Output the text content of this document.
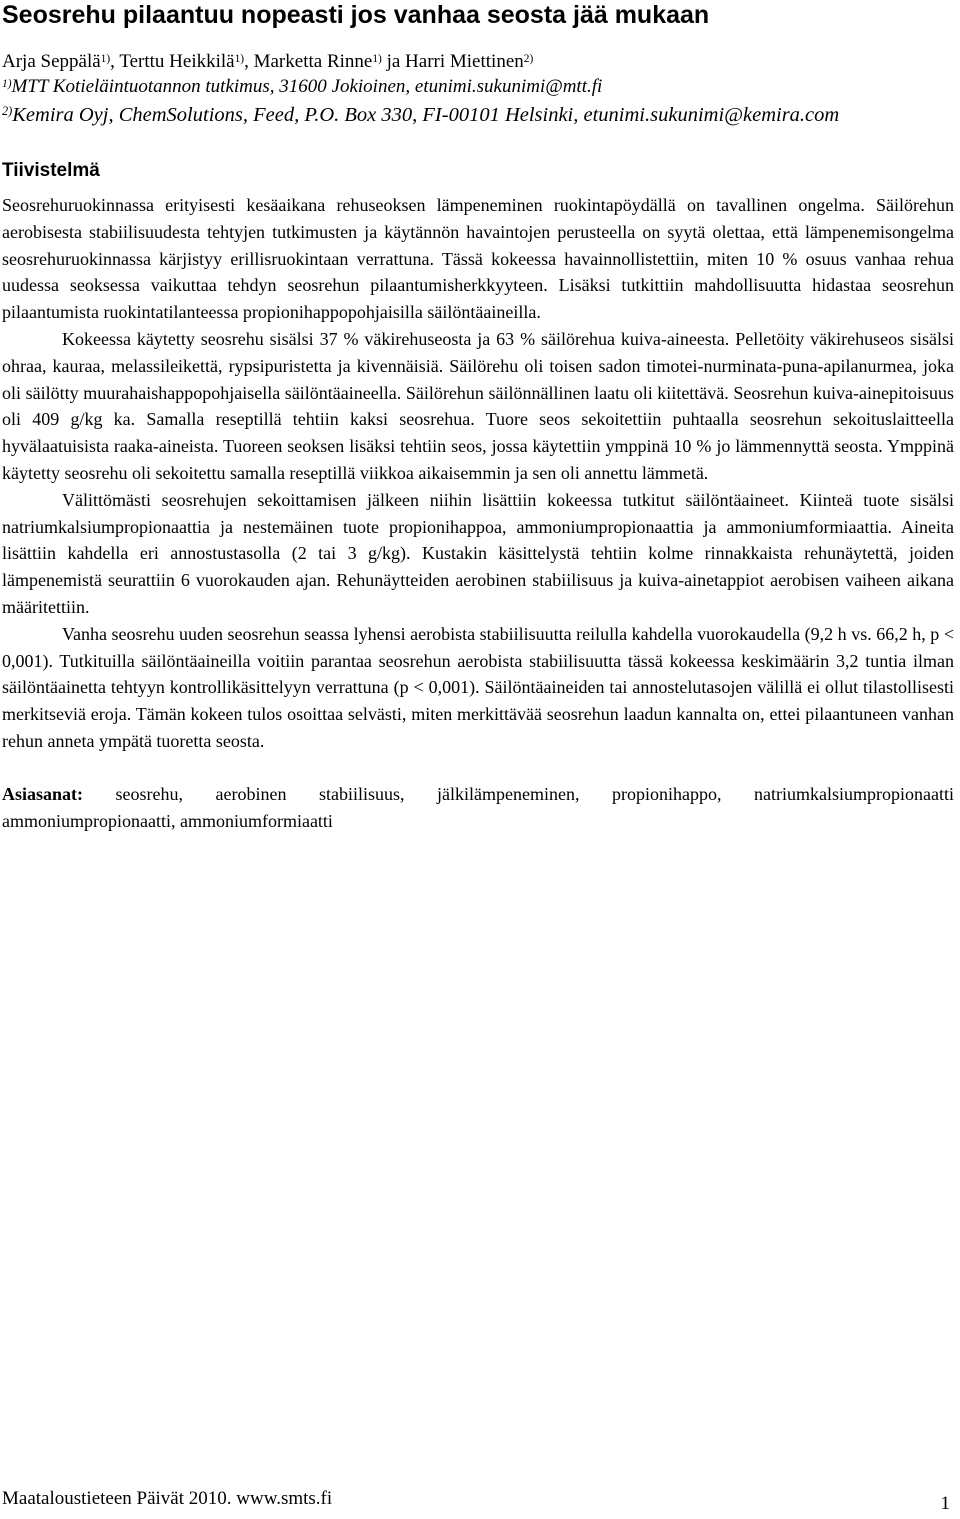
Seosrehu pilaantuu nopeasti jos vanhaa seosta jää mukaan
Arja Seppälä$^{1)}$, Terttu Heikkilä$^{1)}$, Marketta Rinne$^{1)}$ ja Harri Miettinen$^{2)}$
$^{1)}$MTT Kotieläintuotannon tutkimus, 31600 Jokioinen, etunimi.sukunimi@mtt.fi
$^{2)}$Kemira Oyj, ChemSolutions, Feed, P.O. Box 330, FI-00101 Helsinki, etunimi.sukunimi@kemira.com
Tiivistelmä

Seosrehuruokinnassa erityisesti kesäaikana rehuseoksen lämpeneminen ruokintapöydällä on tavallinen ongelma. Säilörehun aerobisesta stabiilisuudesta tehtyjen tutkimusten ja käytännön havaintojen perusteella on syytä olettaa, että lämpenemisongelma seosrehuruokinnassa kärjistyy erillisruokintaan verrattuna. Tässä kokeessa havainnollistettiin, miten 10 % osuus vanhaa rehua uudessa seoksessa vaikuttaa tehdyn seosrehun pilaantumisherkkyyteen. Lisäksi tutkittiin mahdollisuutta hidastaa seosrehun pilaantumista ruokintatilanteessa propionihappopohjaisilla säilöntäaineilla.

Kokeessa käytetty seosrehu sisälsi 37 % väkirehuseosta ja 63 % säilörehua kuiva-aineesta. Pelletöity väkirehuseos sisälsi ohraa, kauraa, melassileikettä, rypsipuristetta ja kivennäisiä. Säilörehu oli toisen sadon timotei-nurminata-puna-apilanurmea, joka oli säilötty muurahaishappopohjaisella säilöntäaineella. Säilörehun säilönnällinen laatu oli kiitettävä. Seosrehun kuiva-ainepitoisuus oli 409 g/kg ka. Samalla reseptillä tehtiin kaksi seosrehua. Tuore seos sekoitettiin puhtaalla seosrehun sekoituslaitteella hyvälaatuisista raaka-aineista. Tuoreen seoksen lisäksi tehtiin seos, jossa käytettiin ymppinä 10 % jo lämmennyttä seosta. Ymppinä käytetty seosrehu oli sekoitettu samalla reseptillä viikkoa aikaisemmin ja sen oli annettu lämmetä.

Välittömästi seosrehujen sekoittamisen jälkeen niihin lisättiin kokeessa tutkitut säilöntäaineet. Kiinteä tuote sisälsi natriumkalsiumpropionaattia ja nestemäinen tuote propionihappoa, ammoniumpropionaattia ja ammoniumformiaattia. Aineita lisättiin kahdella eri annostustasolla (2 tai 3 g/kg). Kustakin käsittelystä tehtiin kolme rinnakkaista rehunäytettä, joiden lämpenemistä seurattiin 6 vuorokauden ajan. Rehunäytteiden aerobinen stabiilisuus ja kuiva-ainetappiot aerobisen vaiheen aikana määritettiin.

Vanha seosrehu uuden seosrehun seassa lyhensi aerobista stabiilisuutta reilulla kahdella vuorokaudella (9,2 h vs. 66,2 h, p < 0,001). Tutkituilla säilöntäaineilla voitiin parantaa seosrehun aerobista stabiilisuutta tässä kokeessa keskimäärin 3,2 tuntia ilman säilöntäainetta tehtyyn kontrollikäsittelyyn verrattuna (p < 0,001). Säilöntäaineiden tai annostelutasojen välillä ei ollut tilastollisesti merkitseviä eroja. Tämän kokeen tulos osoittaa selvästi, miten merkittävää seosrehun laadun kannalta on, ettei pilaantuneen vanhan rehun anneta ympätä tuoretta seosta.

Asiasanat: seosrehu, aerobinen stabiilisuus, jälkilämpeneminen, propionihappo, natriumkalsiumpropionaatti ammoniumpropionaatti, ammoniumformiaatti

Maataloustieteen Päivät 2010. www.smts.fi	1
